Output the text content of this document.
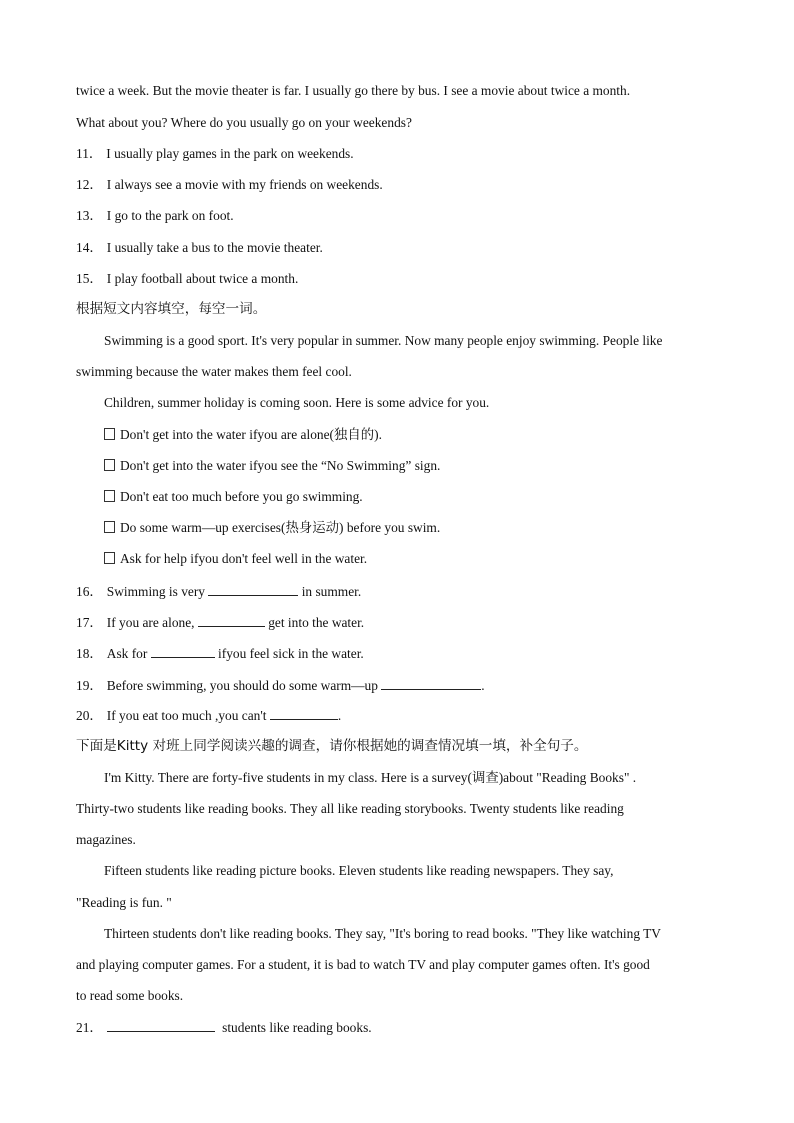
twice a week. But the movie theater is far. I usually go there by bus. I see a movie about twice a month.
What about you? Where do you usually go on your weekends?
11． I usually play games in the park on weekends.
12． I always see a movie with my friends on weekends.
13． I go to the park on foot.
14． I usually take a bus to the movie theater.
15． I play football about twice a month.
根据短文内容填空，每空一词。
Swimming is a good sport. It's very popular in summer. Now many people enjoy swimming. People like
swimming because the water makes them feel cool.
Children, summer holiday is coming soon. Here is some advice for you.
Don't get into the water ifyou are alone(独自的).
Don't get into the water ifyou see the “No Swimming” sign.
Don't eat too much before you go swimming.
Do some warm—up exercises(热身运动) before you swim.
Ask for help ifyou don't feel well in the water.
16． Swimming is very	in summer.
17． If you are alone,	get into the water.
18． Ask for	ifyou feel sick in the water.
19． Before swimming, you should do some warm—up	.
20． If you eat too much ,you can't	.
下面是Kitty 对班上同学阅读兴趣的调查，请你根据她的调查情况填一填，补全句子。
I'm Kitty. There are forty-five students in my class. Here is a survey(调查)about "Reading Books" .
Thirty-two students like reading books. They all like reading storybooks. Twenty students like reading
magazines.
Fifteen students like reading picture books. Eleven students like reading newspapers. They say,
"Reading is fun. "
Thirteen students don't like reading books. They say, "It's boring to read books. "They like watching TV
and playing computer games. For a student, it is bad to watch TV and play computer games often. It's good
to read some books.
21．	students like reading books.
